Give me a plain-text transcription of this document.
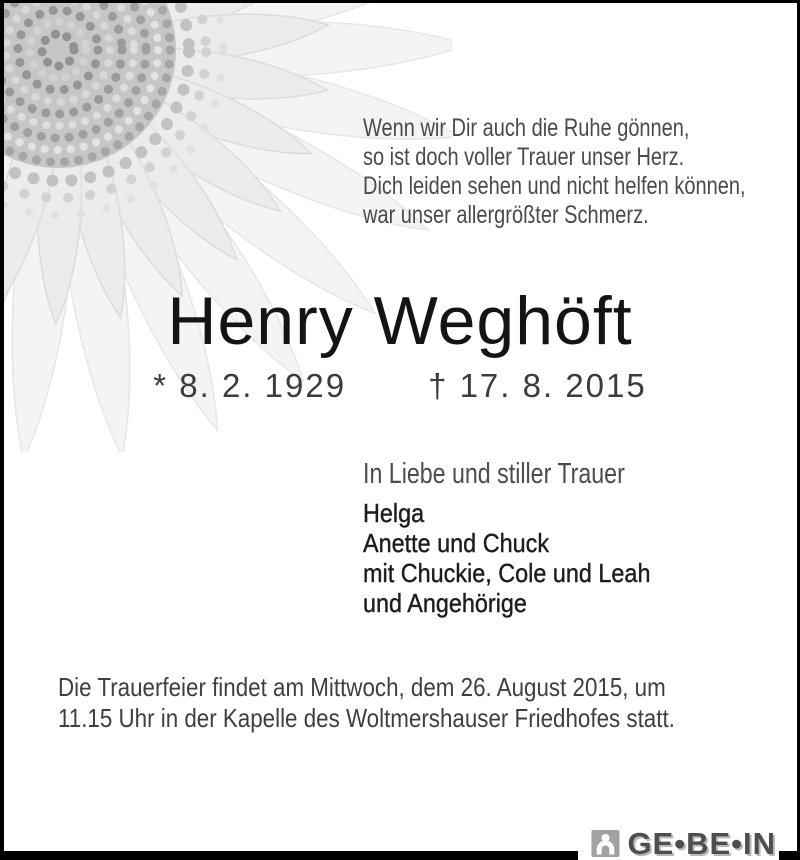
Wenn wir Dir auch die Ruhe gönnen,
so ist doch voller Trauer unser Herz.
Dich leiden sehen und nicht helfen können,
war unser allergrößter Schmerz.
Henry Weghöft
* 8. 2. 1929 † 17. 8. 2015
In Liebe und stiller Trauer
Helga
Anette und Chuck
mit Chuckie, Cole und Leah
und Angehörige
Die Trauerfeier findet am Mittwoch, dem 26. August 2015, um
11.15 Uhr in der Kapelle des Woltmershauser Friedhofes statt.
GE•BE•IN
